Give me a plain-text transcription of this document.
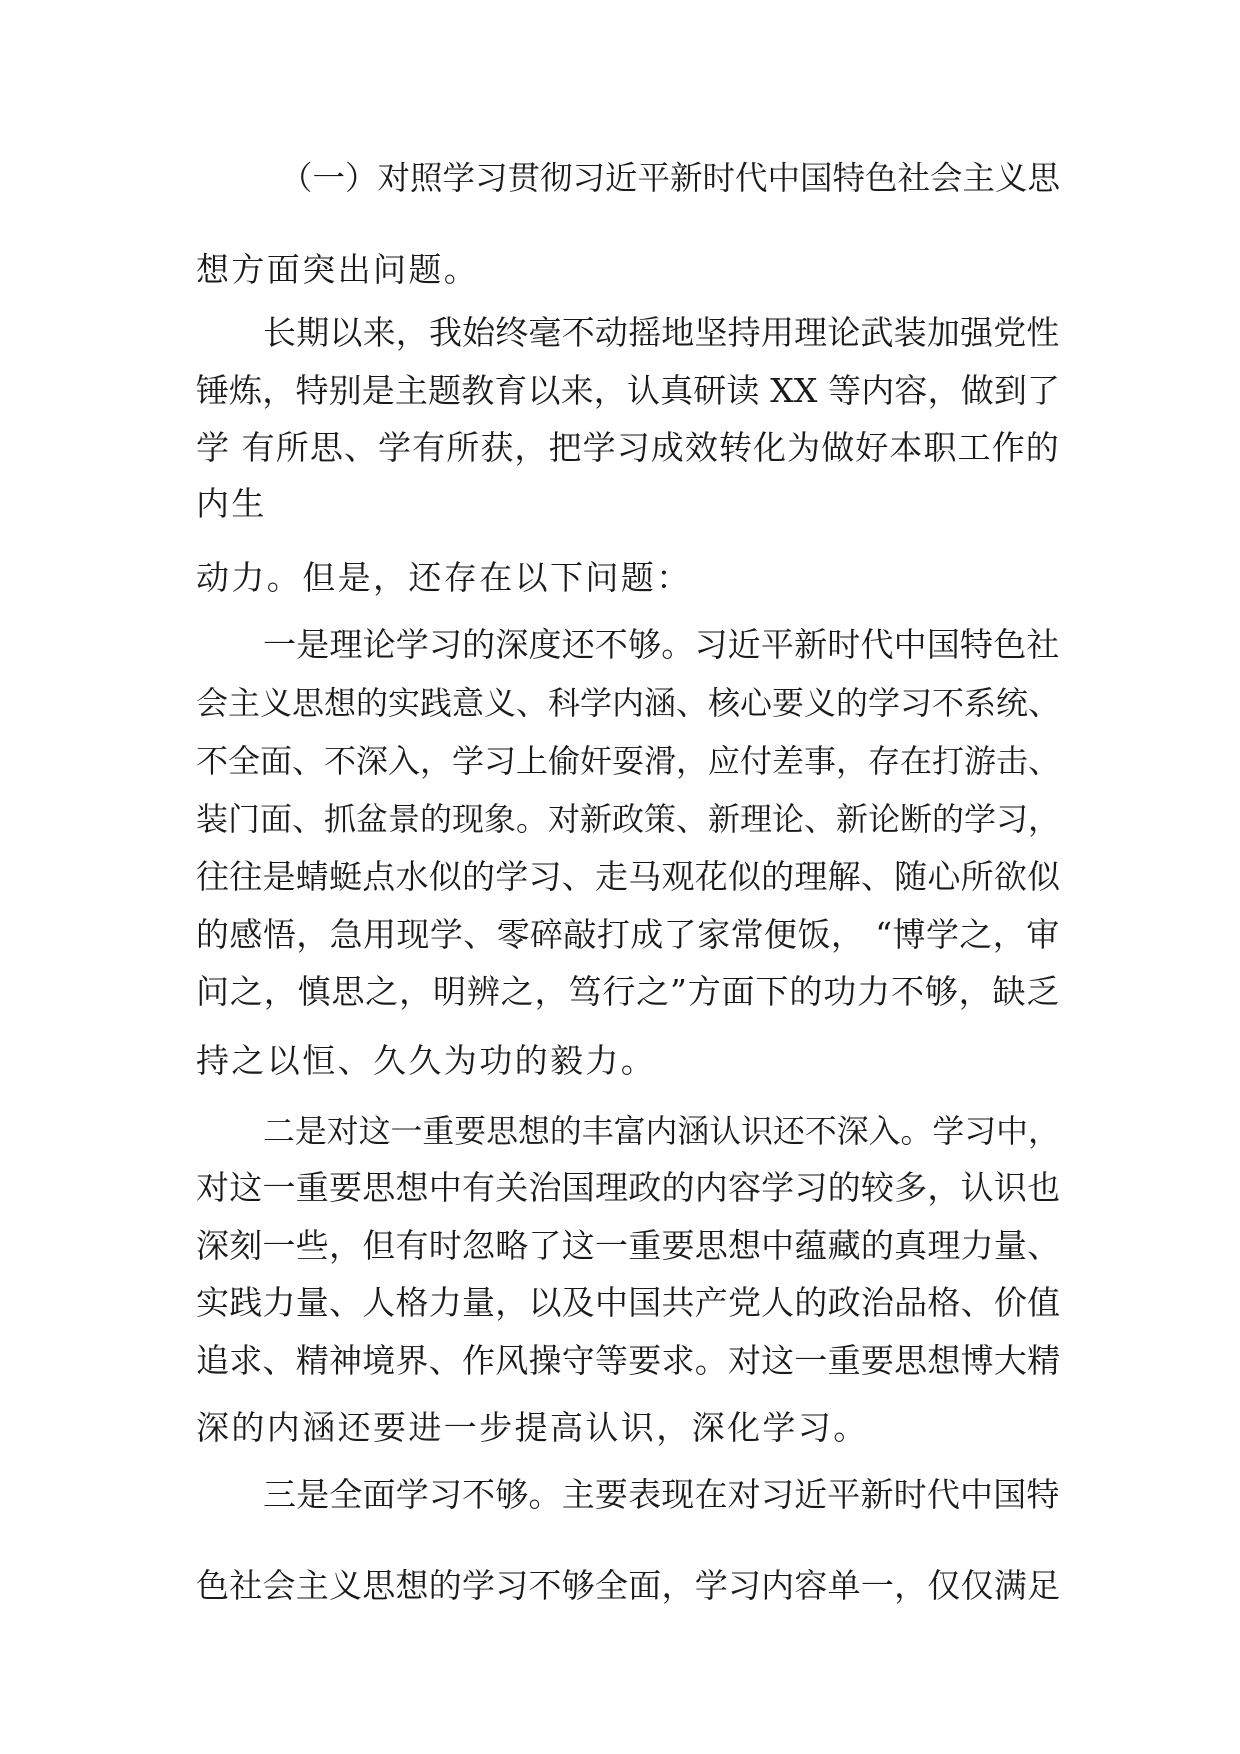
（一）对照学习贯彻习近平新时代中国特色社会主义思

想方面突出问题。

长期以来，我始终毫不动摇地坚持用理论武装加强党性

锤炼，特别是主题教育以来，认真研读 XX 等内容，做到了

学 有所思、学有所获，把学习成效转化为做好本职工作的

内生

动力。但是，还存在以下问题：

一是理论学习的深度还不够。习近平新时代中国特色社

会主义思想的实践意义、科学内涵、核心要义的学习不系统、

不全面、不深入，学习上偷奸耍滑，应付差事，存在打游击、

装门面、抓盆景的现象。对新政策、新理论、新论断的学习，

往往是蜻蜓点水似的学习、走马观花似的理解、随心所欲似

的感悟，急用现学、零碎敲打成了家常便饭， “博学之，审

问之，慎思之，明辨之，笃行之”方面下的功力不够，缺乏

持之以恒、久久为功的毅力。

二是对这一重要思想的丰富内涵认识还不深入。学习中，

对这一重要思想中有关治国理政的内容学习的较多，认识也

深刻一些，但有时忽略了这一重要思想中蕴藏的真理力量、

实践力量、人格力量，以及中国共产党人的政治品格、价值

追求、精神境界、作风操守等要求。对这一重要思想博大精

深的内涵还要进一步提高认识，深化学习。

三是全面学习不够。主要表现在对习近平新时代中国特

色社会主义思想的学习不够全面，学习内容单一，仅仅满足
